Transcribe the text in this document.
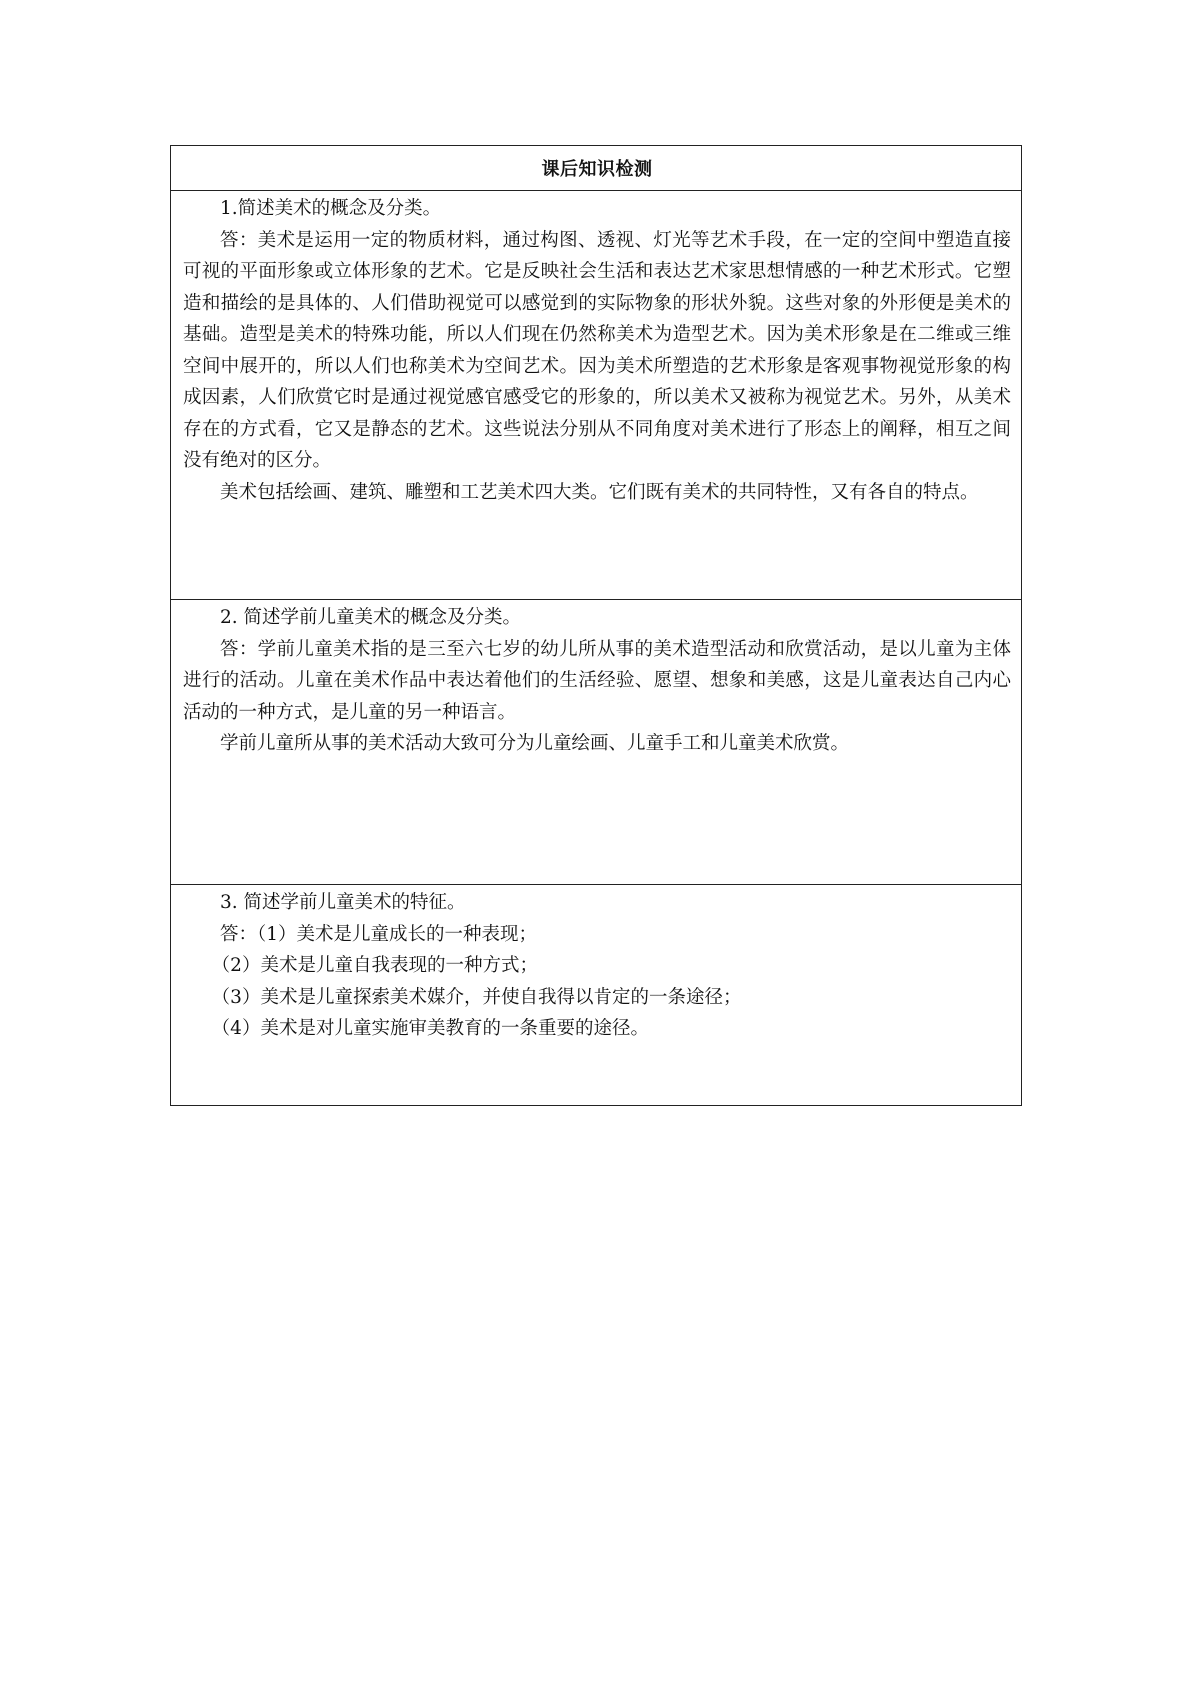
课后知识检测

1.简述美术的概念及分类。

答：美术是运用一定的物质材料，通过构图、透视、灯光等艺术手段，在一定的空间中塑造直接可视的平面形象或立体形象的艺术。它是反映社会生活和表达艺术家思想情感的一种艺术形式。它塑造和描绘的是具体的、人们借助视觉可以感觉到的实际物象的形状外貌。这些对象的外形便是美术的基础。造型是美术的特殊功能，所以人们现在仍然称美术为造型艺术。因为美术形象是在二维或三维空间中展开的，所以人们也称美术为空间艺术。因为美术所塑造的艺术形象是客观事物视觉形象的构成因素，人们欣赏它时是通过视觉感官感受它的形象的，所以美术又被称为视觉艺术。另外，从美术存在的方式看，它又是静态的艺术。这些说法分别从不同角度对美术进行了形态上的阐释，相互之间没有绝对的区分。

美术包括绘画、建筑、雕塑和工艺美术四大类。它们既有美术的共同特性，又有各自的特点。

2. 简述学前儿童美术的概念及分类。

答：学前儿童美术指的是三至六七岁的幼儿所从事的美术造型活动和欣赏活动，是以儿童为主体进行的活动。儿童在美术作品中表达着他们的生活经验、愿望、想象和美感，这是儿童表达自己内心活动的一种方式，是儿童的另一种语言。

学前儿童所从事的美术活动大致可分为儿童绘画、儿童手工和儿童美术欣赏。

3. 简述学前儿童美术的特征。

答：（1）美术是儿童成长的一种表现；

（2）美术是儿童自我表现的一种方式；

（3）美术是儿童探索美术媒介，并使自我得以肯定的一条途径；

（4）美术是对儿童实施审美教育的一条重要的途径。
